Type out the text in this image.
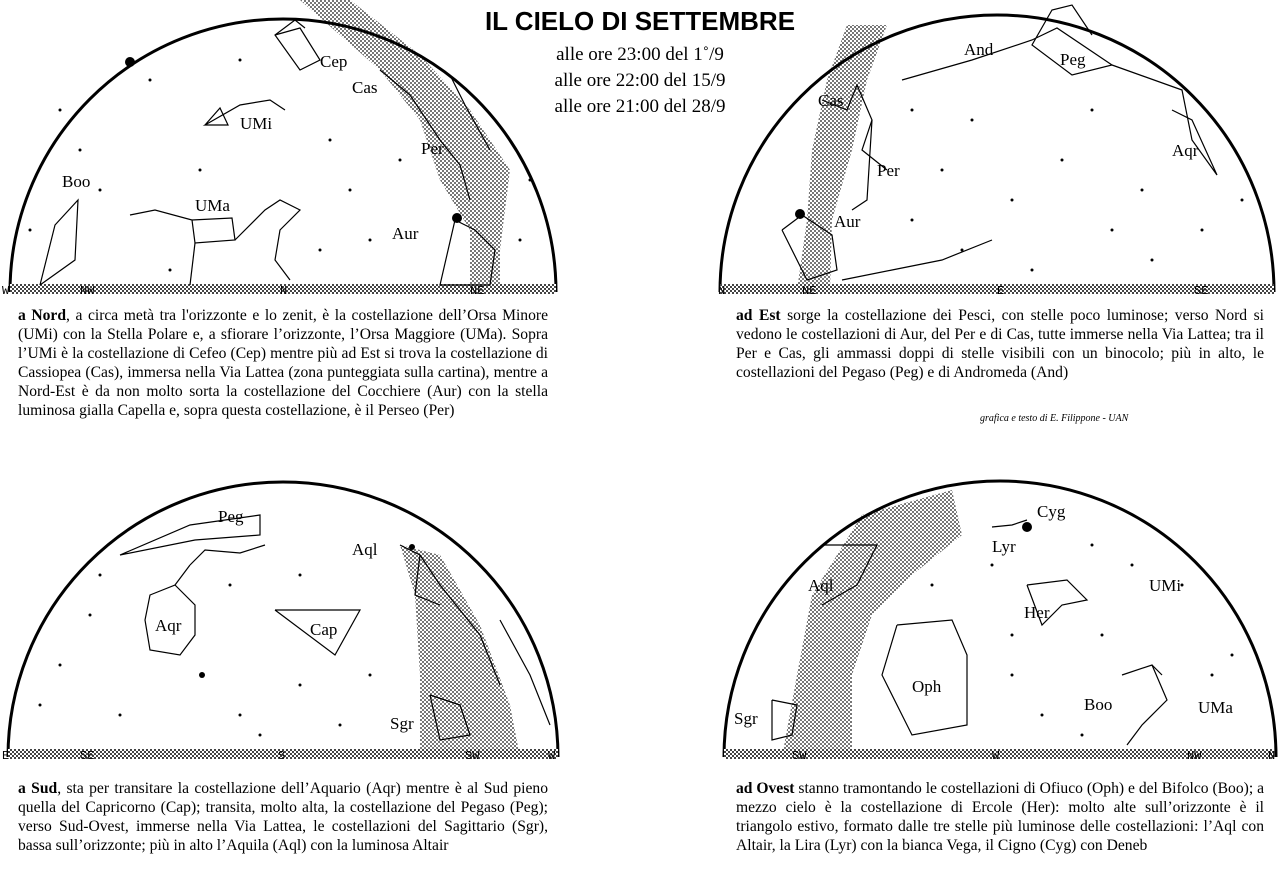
IL CIELO DI SETTEMBRE
alle ore 23:00 del 1˚/9
alle ore 22:00 del 15/9
alle ore 21:00 del 28/9
Cep
Cas
UMi
Per
Boo
UMa
Aur
W	NW	N	NE
a Nord, a circa metà tra l'orizzonte e lo zenit, è la costellazione dell’Orsa Minore (UMi) con la Stella Polare e, a sfiorare l’orizzonte, l’Orsa Maggiore (UMa). Sopra l’UMi è la costellazione di Cefeo (Cep) mentre più ad Est si trova la costellazione di Cassiopea (Cas), immersa nella Via Lattea (zona punteggiata sulla cartina), mentre a Nord-Est è da non molto sorta la costellazione del Cocchiere (Aur) con la stella luminosa gialla Capella e, sopra questa costellazione, è il Perseo (Per)
And
Peg
Cas
Aqr
Per
Aur
N	NE	E	SE
ad Est sorge la costellazione dei Pesci, con stelle poco luminose; verso Nord si vedono le costellazioni di Aur, del Per e di Cas, tutte immerse nella Via Lattea; tra il Per e Cas, gli ammassi doppi di stelle visibili con un binocolo; più in alto, le costellazioni del Pegaso (Peg) e di Andromeda (And)
grafica e testo di E. Filippone - UAN
Peg
Aql
Aqr	Cap
Sgr
E	SE	S	SW	W
a Sud, sta per transitare la costellazione dell’Aquario (Aqr) mentre è al Sud pieno quella del Capricorno (Cap); transita, molto alta, la costellazione del Pegaso (Peg); verso Sud-Ovest, immerse nella Via Lattea, le costellazioni del Sagittario (Sgr), bassa sull’orizzonte; più in alto l’Aquila (Aql) con la luminosa Altair
Cyg
Lyr
Aql	UMi
Her
Oph
Boo	UMa
Sgr
SW	W	NW	N
ad Ovest stanno tramontando le costellazioni di Ofiuco (Oph) e del Bifolco (Boo); a mezzo cielo è la costellazione di Ercole (Her): molto alte sull’orizzonte è il triangolo estivo, formato dalle tre stelle più luminose delle costellazioni: l’Aql con Altair, la Lira (Lyr) con la bianca Vega, il Cigno (Cyg) con Deneb
